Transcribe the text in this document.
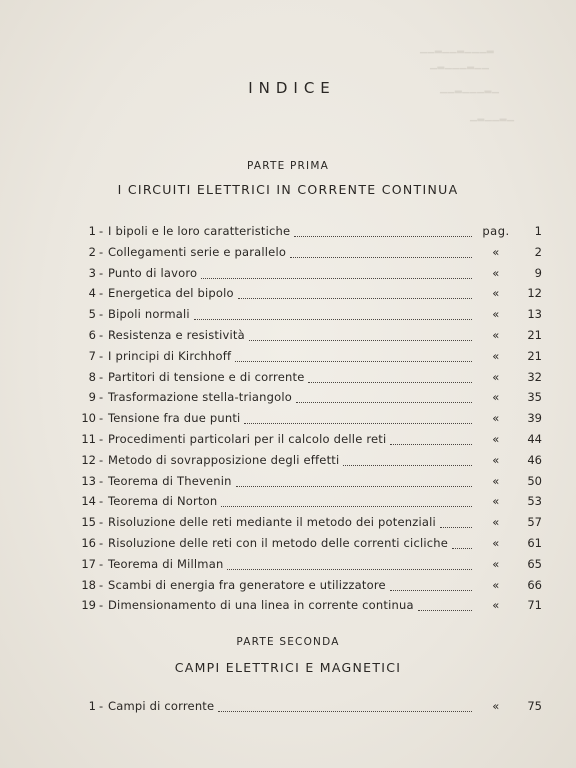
▁▁▂▁▁▂▁▁▁▂
▁▂▁▁▁▂▁▁
▁▁▂▁▁▁▂▁
▁▂▁▁▂▁
INDICE
PARTE PRIMA
I CIRCUITI ELETTRICI IN CORRENTE CONTINUA
1 - I bipoli e le loro caratteristiche	pag.	1
2 - Collegamenti serie e parallelo	«	2
3 - Punto di lavoro	«	9
4 - Energetica del bipolo	«	12
5 - Bipoli normali	«	13
6 - Resistenza e resistività	«	21
7 - I principi di Kirchhoff	«	21
8 - Partitori di tensione e di corrente	«	32
9 - Trasformazione stella-triangolo	«	35
10 - Tensione fra due punti	«	39
11 - Procedimenti particolari per il calcolo delle reti	«	44
12 - Metodo di sovrapposizione degli effetti	«	46
13 - Teorema di Thevenin	«	50
14 - Teorema di Norton	«	53
15 - Risoluzione delle reti mediante il metodo dei potenziali	«	57
16 - Risoluzione delle reti con il metodo delle correnti cicliche	«	61
17 - Teorema di Millman	«	65
18 - Scambi di energia fra generatore e utilizzatore	«	66
19 - Dimensionamento di una linea in corrente continua	«	71
PARTE SECONDA
CAMPI ELETTRICI E MAGNETICI
1 - Campi di corrente	«	75
